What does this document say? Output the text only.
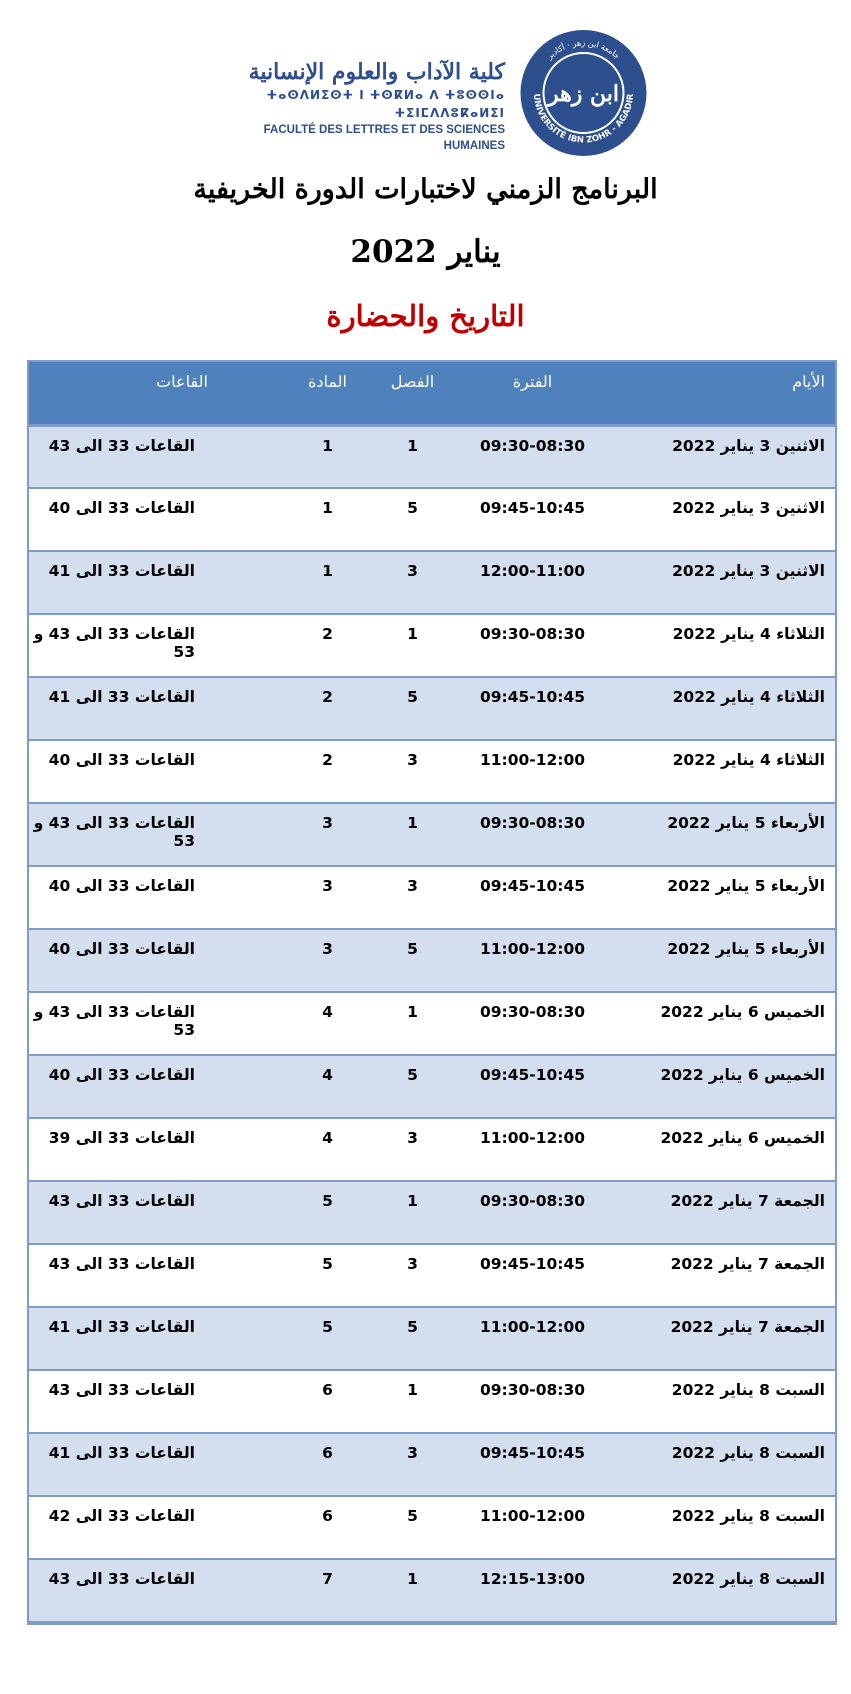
كلية الآداب والعلوم الإنسانية
ⵜⴰⵙⴷⵍⵉⵙⵜ ⵏ ⵜⵙⴽⵍⴰ ⴷ ⵜⵓⵙⵙⵏⴰ ⵜⵉⵏⵎⴷⴷⵓⴽⴰⵍⵉⵏ
FACULTÉ DES LETTRES ET DES SCIENCES HUMAINES
UNIVERSITÉ IBN ZOHR - AGADIR
جامعة ابن زهر · أكادير
ابن زهر
البرنامج الزمني لاختبارات الدورة الخريفية
يناير 2022
التاريخ والحضارة
الأيام	الفترة	الفصل	المادة	القاعات
الاثنين 3 يناير 2022	09:30-08:30	1	1	القاعات 33 الى 43
الاثنين 3 يناير 2022	09:45-10:45	5	1	القاعات 33 الى 40
الاثنين 3 يناير 2022	12:00-11:00	3	1	القاعات 33 الى 41
الثلاثاء 4 يناير 2022	09:30-08:30	1	2	القاعات 33 الى 43 و 53
الثلاثاء 4 يناير 2022	09:45-10:45	5	2	القاعات 33 الى 41
الثلاثاء 4 يناير 2022	11:00-12:00	3	2	القاعات 33 الى 40
الأربعاء 5 يناير 2022	09:30-08:30	1	3	القاعات 33 الى 43 و 53
الأربعاء 5 يناير 2022	09:45-10:45	3	3	القاعات 33 الى 40
الأربعاء 5 يناير 2022	11:00-12:00	5	3	القاعات 33 الى 40
الخميس 6 يناير 2022	09:30-08:30	1	4	القاعات 33 الى 43 و 53
الخميس 6 يناير 2022	09:45-10:45	5	4	القاعات 33 الى 40
الخميس 6 يناير 2022	11:00-12:00	3	4	القاعات 33 الى 39
الجمعة 7 يناير 2022	09:30-08:30	1	5	القاعات 33 الى 43
الجمعة 7 يناير 2022	09:45-10:45	3	5	القاعات 33 الى 43
الجمعة 7 يناير 2022	11:00-12:00	5	5	القاعات 33 الى 41
السبت 8 يناير 2022	09:30-08:30	1	6	القاعات 33 الى 43
السبت 8 يناير 2022	09:45-10:45	3	6	القاعات 33 الى 41
السبت 8 يناير 2022	11:00-12:00	5	6	القاعات 33 الى 42
السبت 8 يناير 2022	12:15-13:00	1	7	القاعات 33 الى 43
